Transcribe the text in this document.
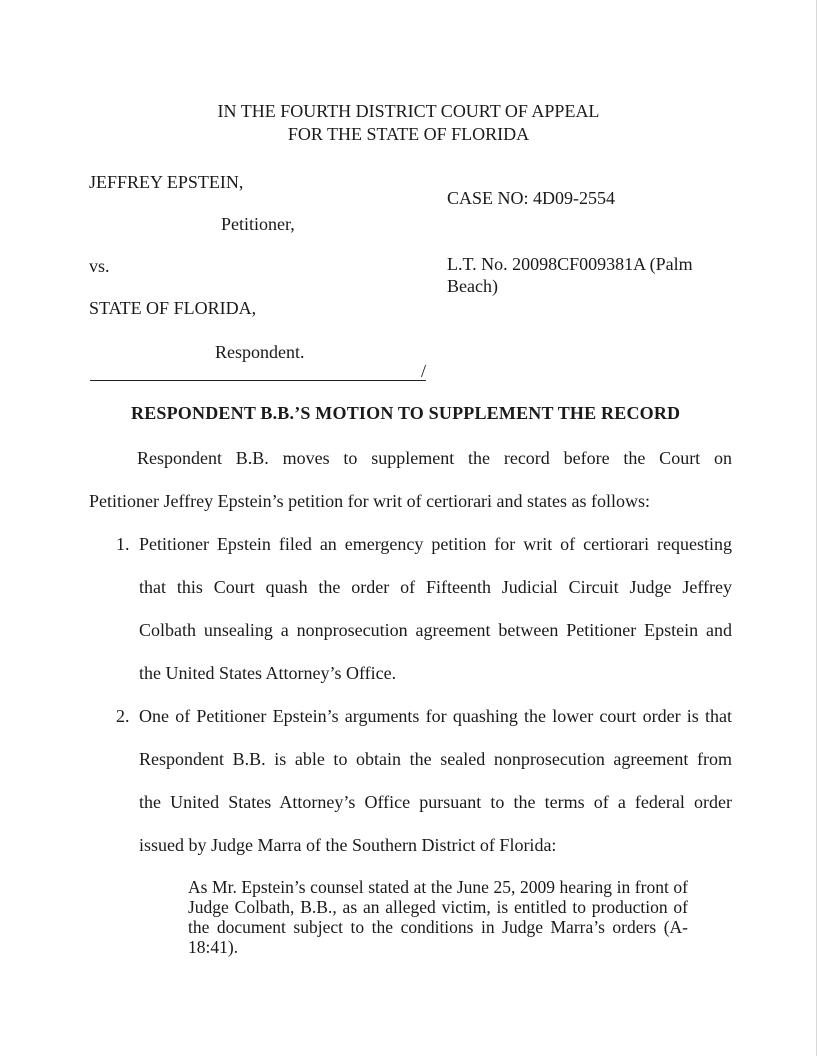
IN THE FOURTH DISTRICT COURT OF APPEAL
FOR THE STATE OF FLORIDA
JEFFREY EPSTEIN,
Petitioner,
vs.
STATE OF FLORIDA,
Respondent.
/
CASE NO: 4D09-2554
L.T. No. 20098CF009381A (Palm
Beach)
RESPONDENT B.B.’S MOTION TO SUPPLEMENT THE RECORD
Respondent B.B. moves to supplement the record before the Court on
Petitioner Jeffrey Epstein’s petition for writ of certiorari and states as follows:
1. Petitioner Epstein filed an emergency petition for writ of certiorari requesting
that this Court quash the order of Fifteenth Judicial Circuit Judge Jeffrey
Colbath unsealing a nonprosecution agreement between Petitioner Epstein and
the United States Attorney’s Office.
2. One of Petitioner Epstein’s arguments for quashing the lower court order is that
Respondent B.B. is able to obtain the sealed nonprosecution agreement from
the United States Attorney’s Office pursuant to the terms of a federal order
issued by Judge Marra of the Southern District of Florida:
As Mr. Epstein’s counsel stated at the June 25, 2009 hearing in front of Judge Colbath, B.B., as an alleged victim, is entitled to production of the document subject to the conditions in Judge Marra’s orders (A-18:41).
